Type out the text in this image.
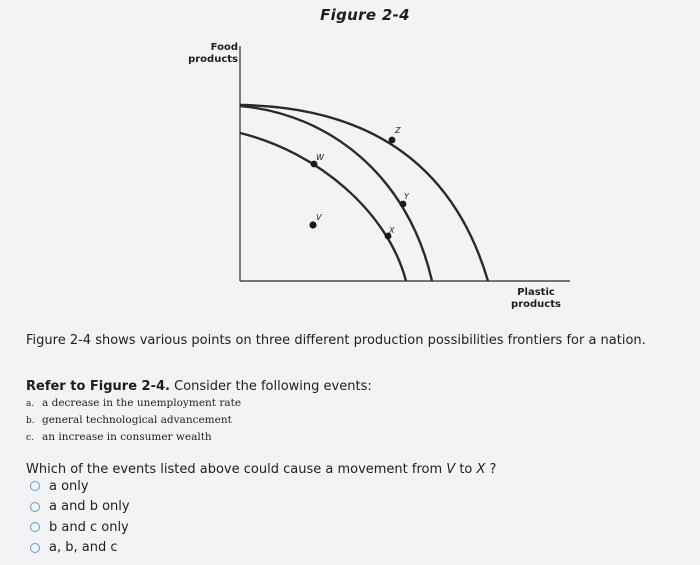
Figure 2-4
W
Z
Y
X
V
Food
products
Plastic
products
Figure 2-4 shows various points on three different production possibilities frontiers for a nation.
Refer to Figure 2-4. Consider the following events:
a. a decrease in the unemployment rate
b. general technological advancement
c. an increase in consumer wealth
Which of the events listed above could cause a movement from V to X ?
a only
a and b only
b and c only
a, b, and c
